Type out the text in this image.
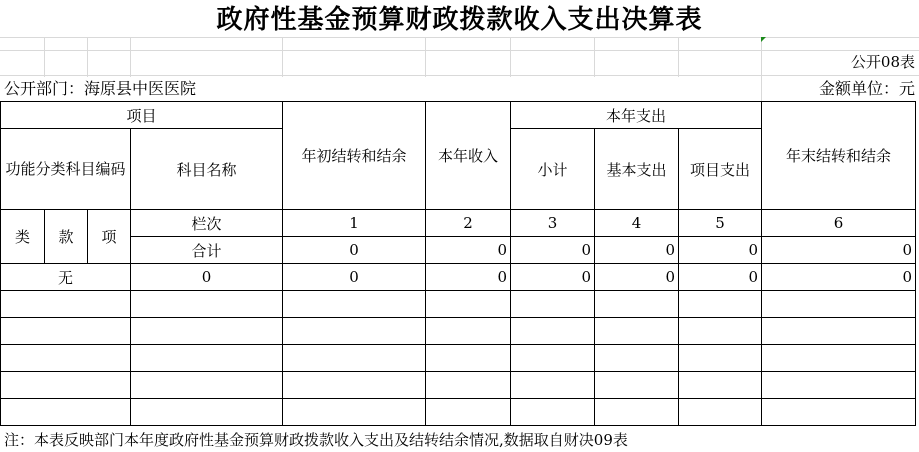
政府性基金预算财政拨款收入支出决算表
公开08表
公开部门：海原县中医医院	金额单位：元
项目				年初结转和结余	本年收入	本年支出			年末结转和结余
功能分类科目编码			科目名称			小计	基本支出	项目支出	
类	款	项	栏次	1	2	3	4	5	6
			合计	0	0	0	0	0	0
无			0	0	0	0	0	0	0

注：本表反映部门本年度政府性基金预算财政拨款收入支出及结转结余情况,数据取自财决09表
